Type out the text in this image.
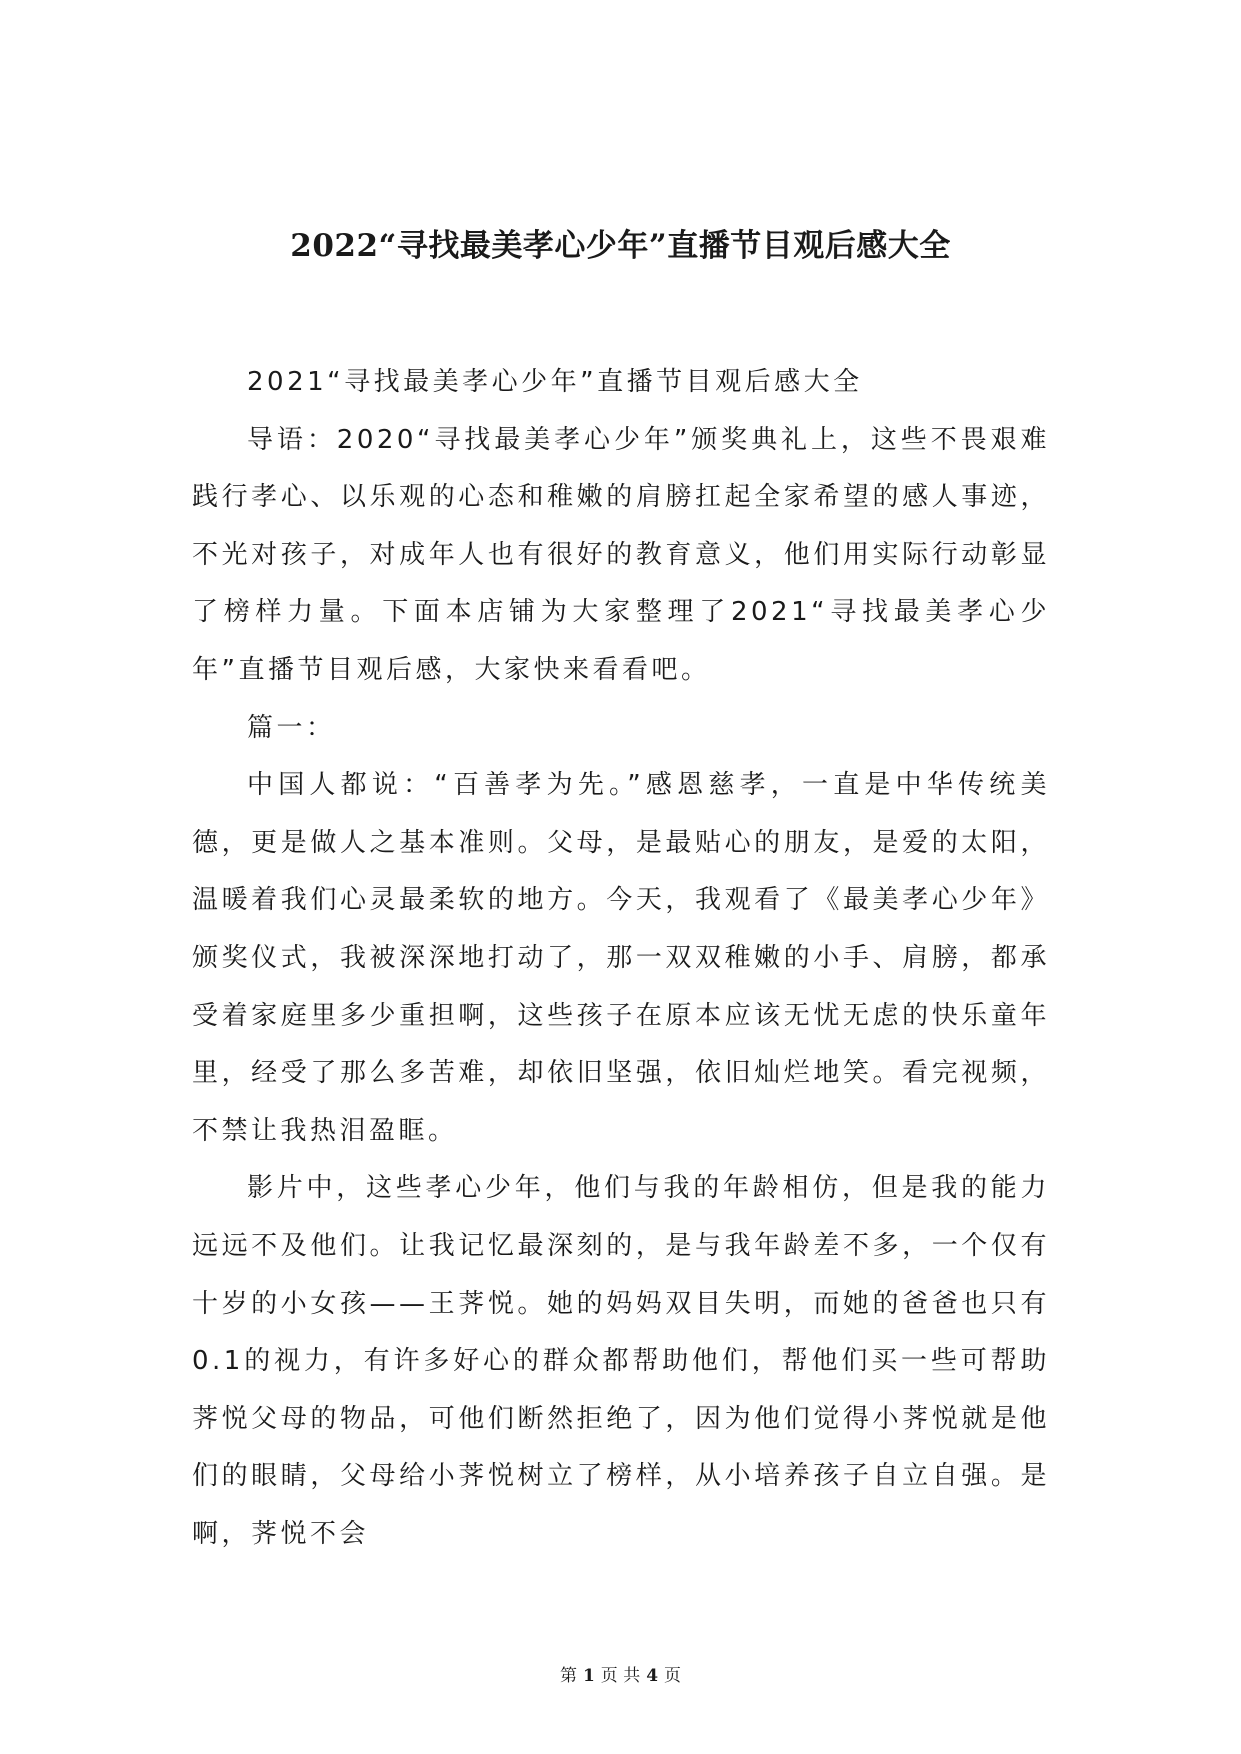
2022“寻找最美孝心少年”直播节目观后感大全

2021“寻找最美孝心少年”直播节目观后感大全

导语：2020“寻找最美孝心少年”颁奖典礼上，这些不畏艰难践行孝心、以乐观的心态和稚嫩的肩膀扛起全家希望的感人事迹，不光对孩子，对成年人也有很好的教育意义，他们用实际行动彰显了榜样力量。下面本店铺为大家整理了2021“寻找最美孝心少年”直播节目观后感，大家快来看看吧。

篇一：

中国人都说：“百善孝为先。”感恩慈孝，一直是中华传统美德，更是做人之基本准则。父母，是最贴心的朋友，是爱的太阳，温暖着我们心灵最柔软的地方。今天，我观看了《最美孝心少年》颁奖仪式，我被深深地打动了，那一双双稚嫩的小手、肩膀，都承受着家庭里多少重担啊，这些孩子在原本应该无忧无虑的快乐童年里，经受了那么多苦难，却依旧坚强，依旧灿烂地笑。看完视频，不禁让我热泪盈眶。

影片中，这些孝心少年，他们与我的年龄相仿，但是我的能力远远不及他们。让我记忆最深刻的，是与我年龄差不多，一个仅有十岁的小女孩——王荠悦。她的妈妈双目失明，而她的爸爸也只有0.1的视力，有许多好心的群众都帮助他们，帮他们买一些可帮助荠悦父母的物品，可他们断然拒绝了，因为他们觉得小荠悦就是他们的眼睛，父母给小荠悦树立了榜样，从小培养孩子自立自强。是啊，荠悦不会

第 1 页 共 4 页
